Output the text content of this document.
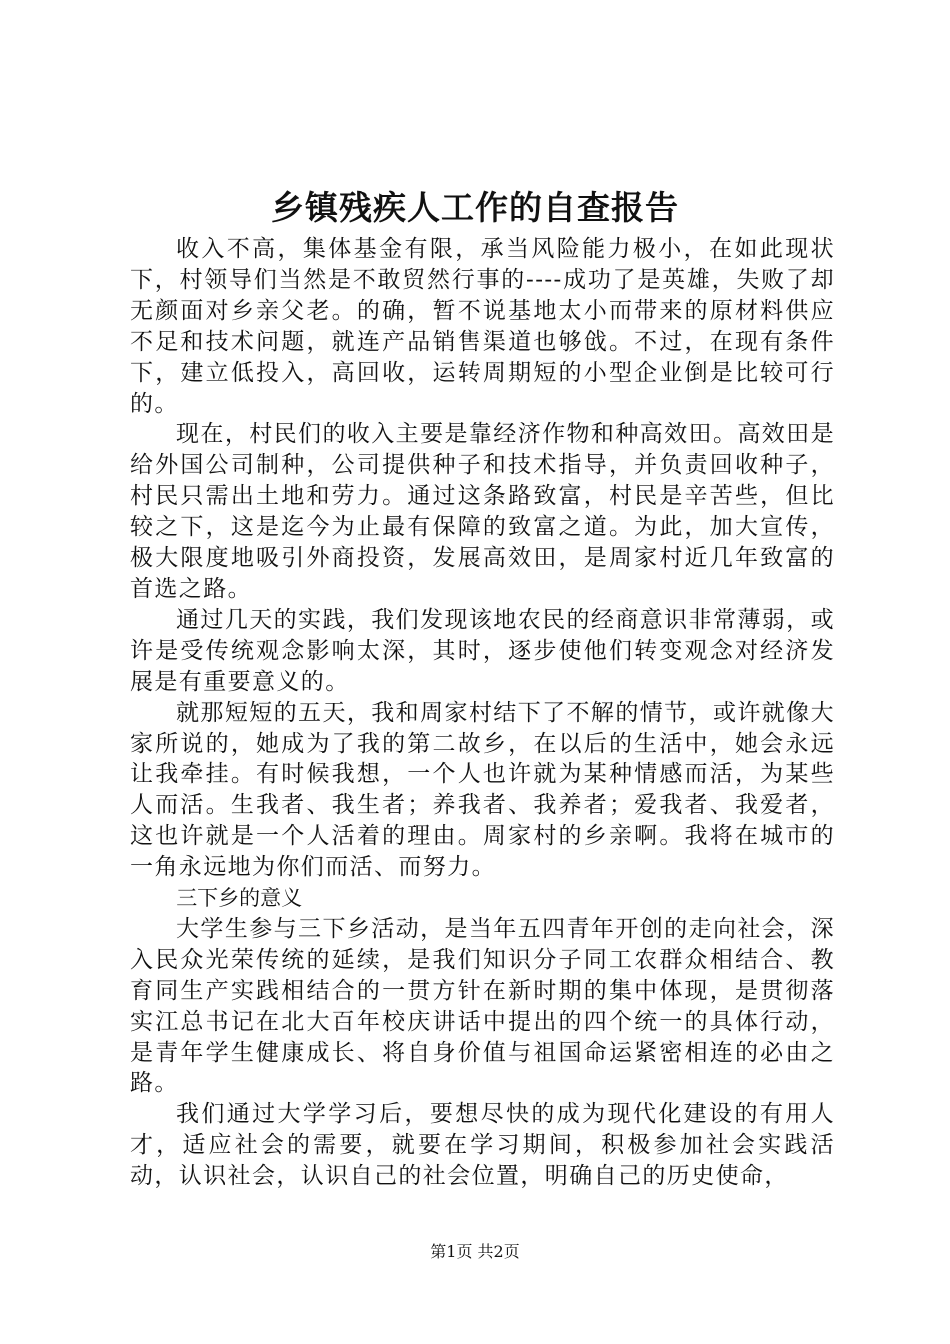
乡镇残疾人工作的自查报告

收入不高，集体基金有限，承当风险能力极小，在如此现状下，村领导们当然是不敢贸然行事的----成功了是英雄，失败了却无颜面对乡亲父老。的确，暂不说基地太小而带来的原材料供应不足和技术问题，就连产品销售渠道也够戗。不过，在现有条件下，建立低投入，高回收，运转周期短的小型企业倒是比较可行的。

现在，村民们的收入主要是靠经济作物和种高效田。高效田是给外国公司制种，公司提供种子和技术指导，并负责回收种子，村民只需出土地和劳力。通过这条路致富，村民是辛苦些，但比较之下，这是迄今为止最有保障的致富之道。为此，加大宣传，极大限度地吸引外商投资，发展高效田，是周家村近几年致富的首选之路。

通过几天的实践，我们发现该地农民的经商意识非常薄弱，或许是受传统观念影响太深，其时，逐步使他们转变观念对经济发展是有重要意义的。

就那短短的五天，我和周家村结下了不解的情节，或许就像大家所说的，她成为了我的第二故乡，在以后的生活中，她会永远让我牵挂。有时候我想，一个人也许就为某种情感而活，为某些人而活。生我者、我生者；养我者、我养者；爱我者、我爱者，这也许就是一个人活着的理由。周家村的乡亲啊。我将在城市的一角永远地为你们而活、而努力。

三下乡的意义

大学生参与三下乡活动，是当年五四青年开创的走向社会，深入民众光荣传统的延续，是我们知识分子同工农群众相结合、教育同生产实践相结合的一贯方针在新时期的集中体现，是贯彻落实江总书记在北大百年校庆讲话中提出的四个统一的具体行动，是青年学生健康成长、将自身价值与祖国命运紧密相连的必由之路。

我们通过大学学习后，要想尽快的成为现代化建设的有用人才，适应社会的需要，就要在学习期间，积极参加社会实践活动，认识社会，认识自己的社会位置，明确自己的历史使命，

第1页 共2页
